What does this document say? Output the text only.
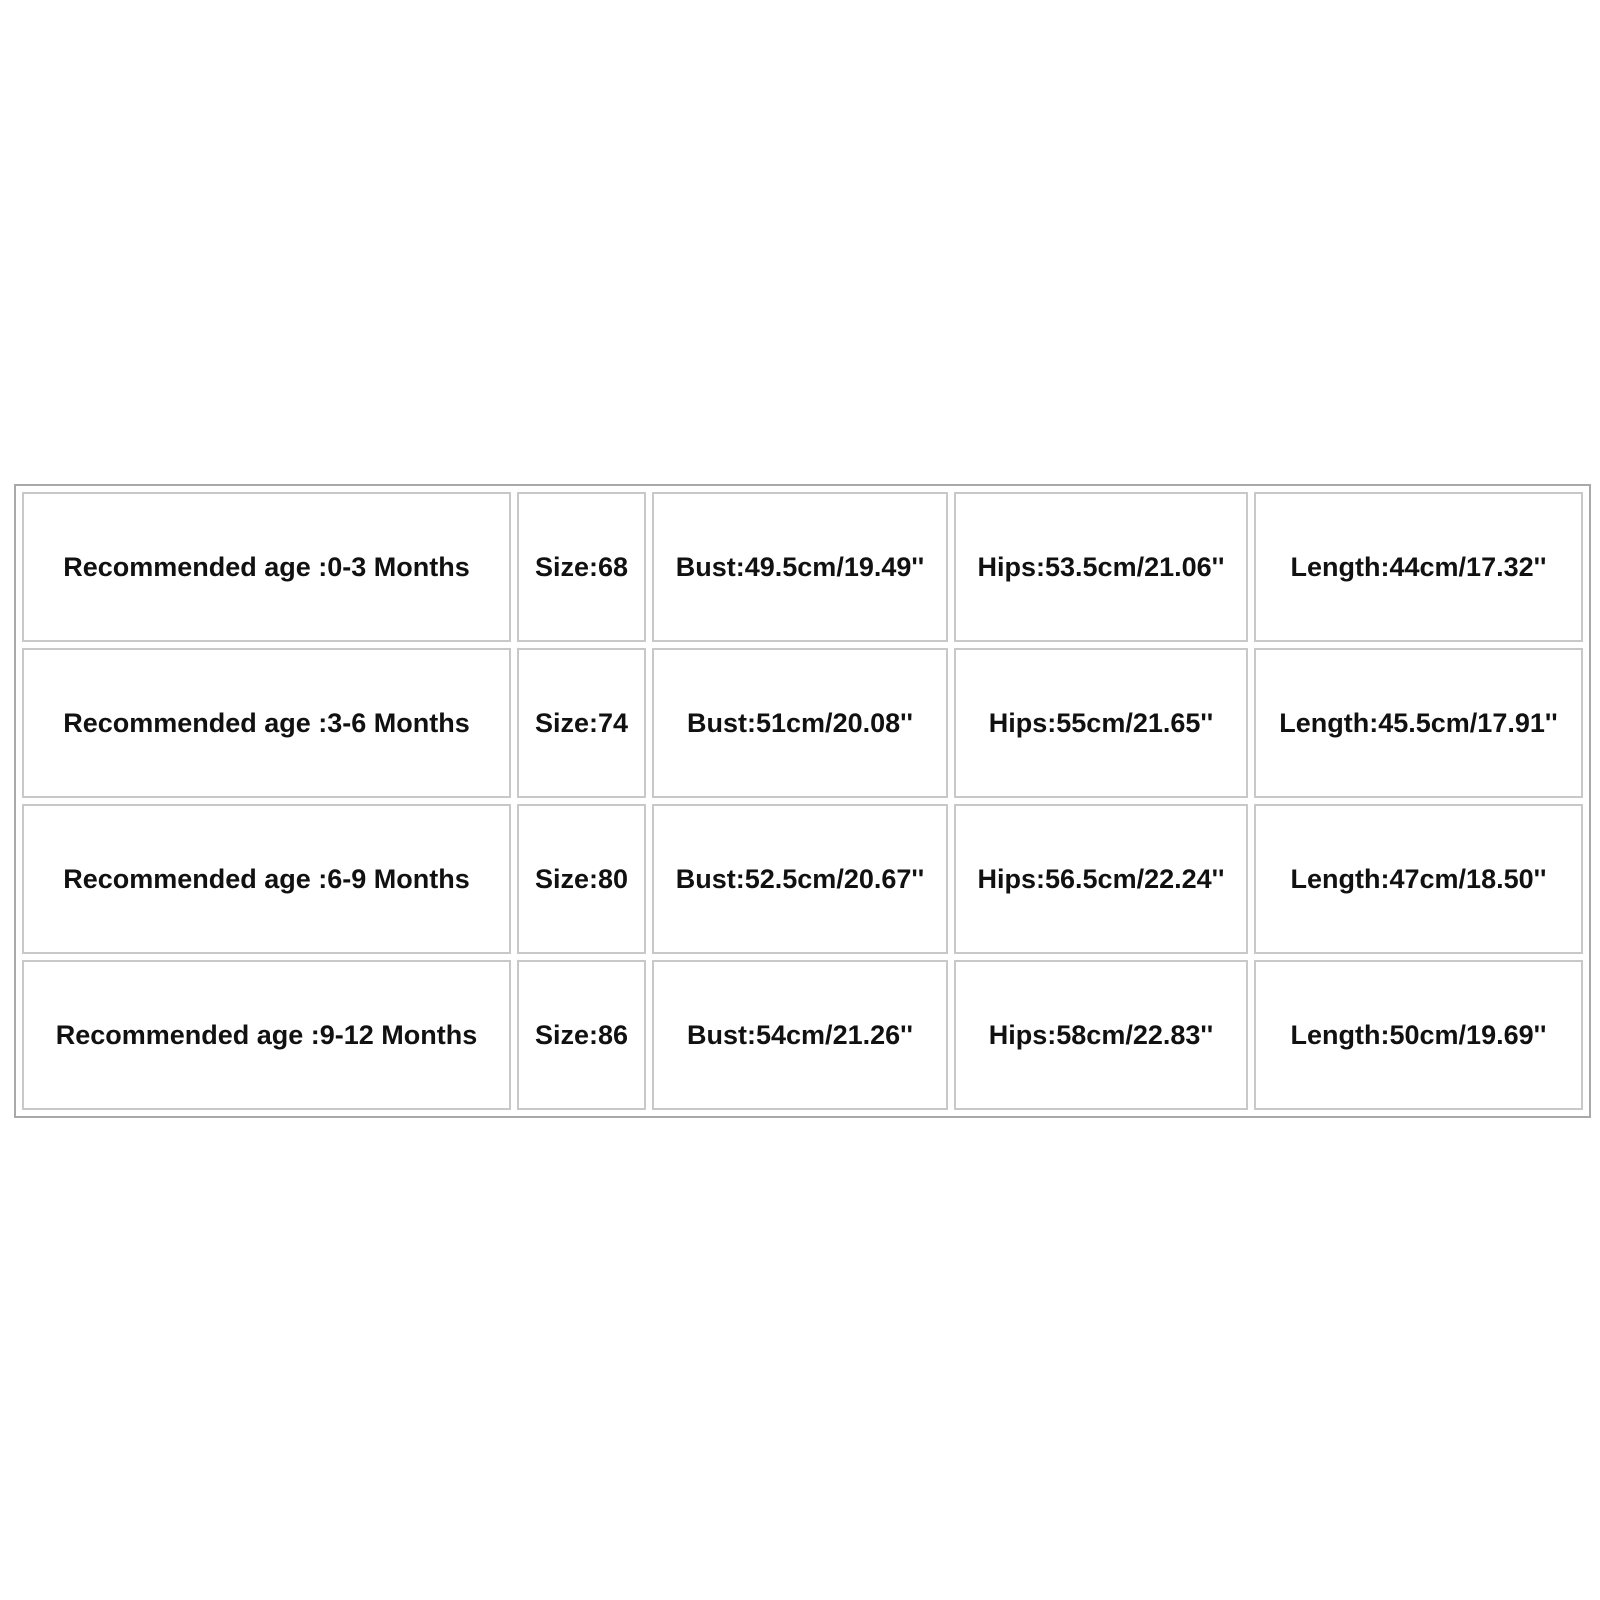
Recommended age :0-3 Months	Size:68	Bust:49.5cm/19.49''	Hips:53.5cm/21.06''	Length:44cm/17.32''
Recommended age :3-6 Months	Size:74	Bust:51cm/20.08''	Hips:55cm/21.65''	Length:45.5cm/17.91''
Recommended age :6-9 Months	Size:80	Bust:52.5cm/20.67''	Hips:56.5cm/22.24''	Length:47cm/18.50''
Recommended age :9-12 Months	Size:86	Bust:54cm/21.26''	Hips:58cm/22.83''	Length:50cm/19.69''
